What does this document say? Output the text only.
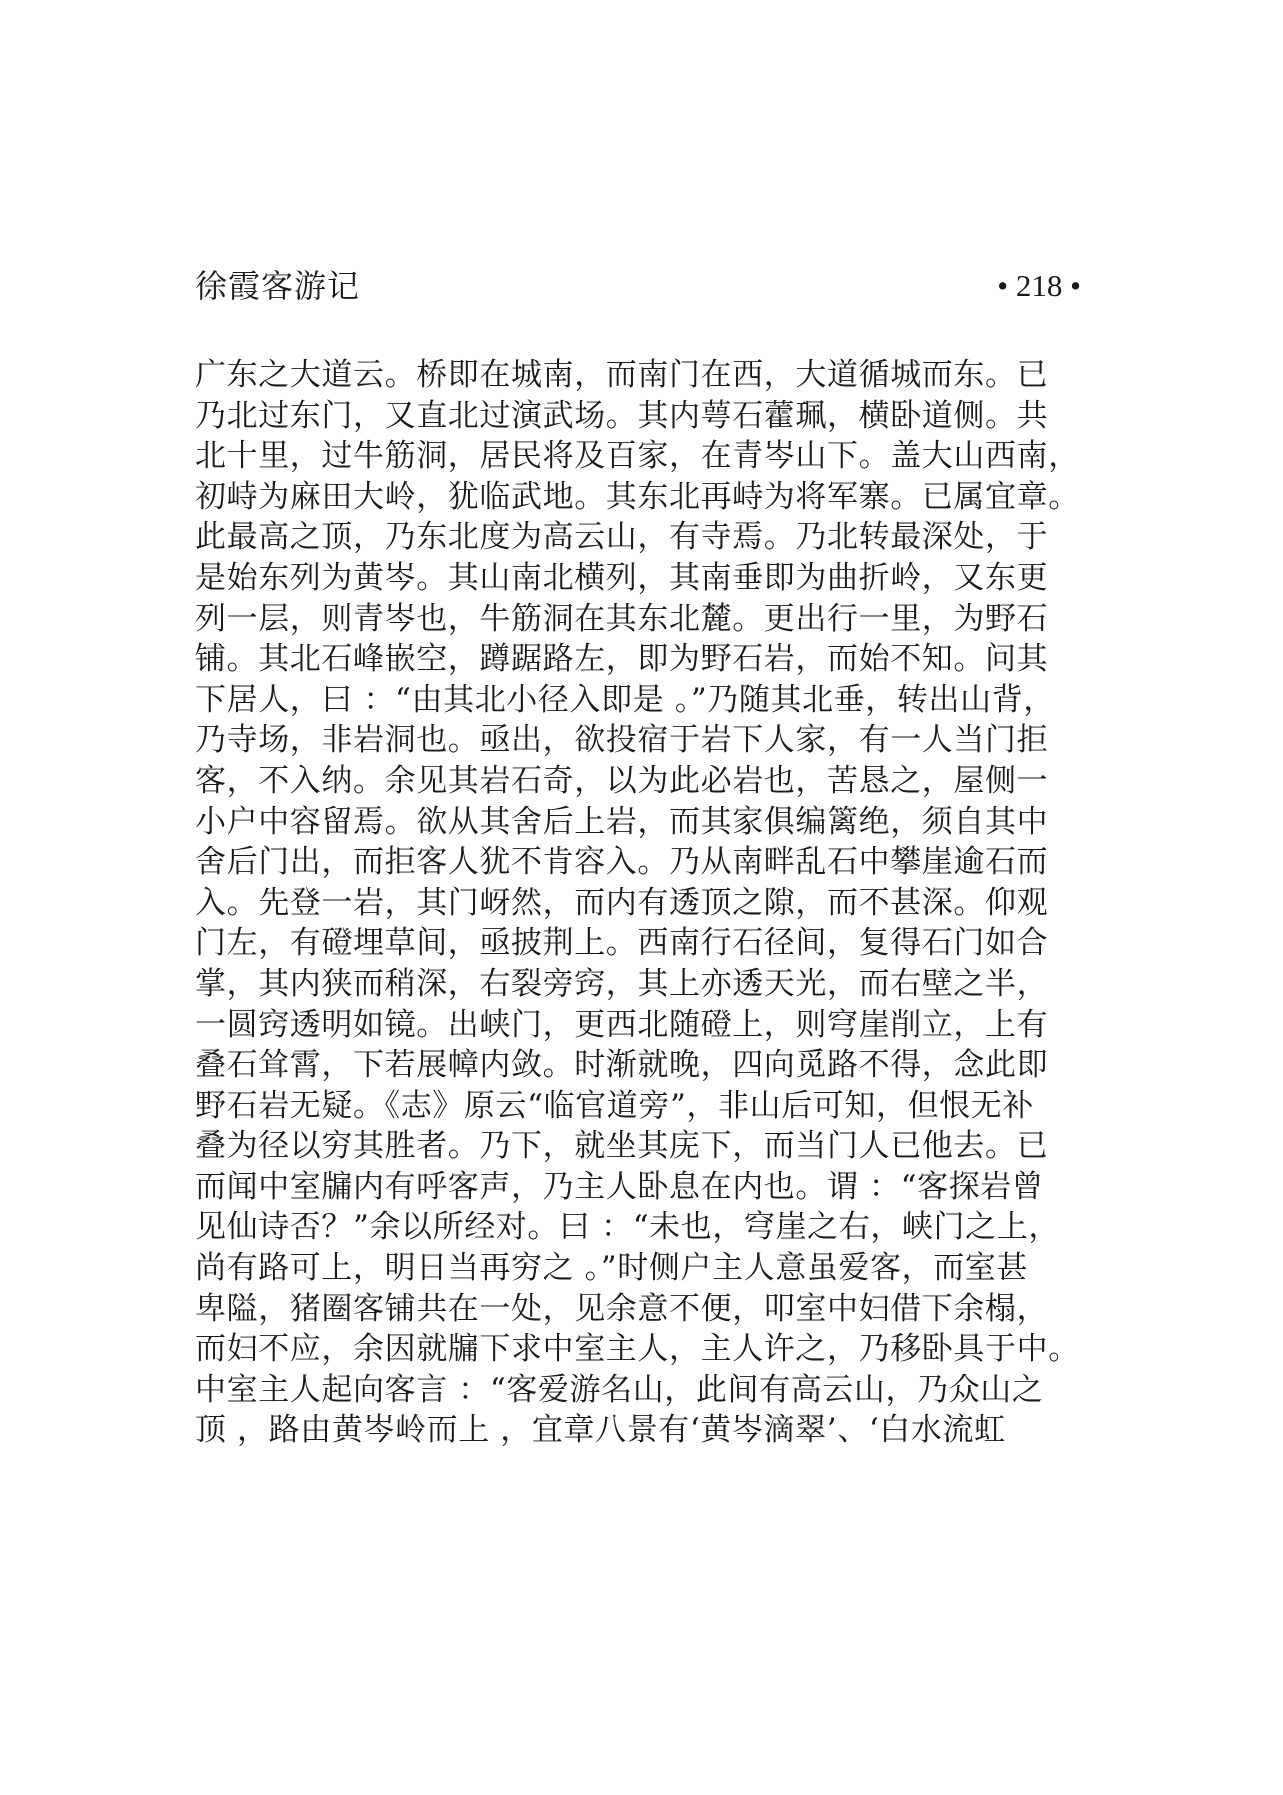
徐霞客游记	• 218 •
广东之大道云。桥即在城南，而南门在西，大道循城而东。已
乃北过东门，又直北过演武场。其内萼石藿珮，横卧道侧。共
北十里，过牛筋洞，居民将及百家，在青岑山下。盖大山西南，
初峙为麻田大岭，犹临武地。其东北再峙为将军寨。已属宜章。
此最高之顶，乃东北度为高云山，有寺焉。乃北转最深处，于
是始东列为黄岑。其山南北横列，其南垂即为曲折岭，又东更
列一层，则青岑也，牛筋洞在其东北麓。更出行一里，为野石
铺。其北石峰嵌空，蹲踞路左，即为野石岩，而始不知。问其
下居人，曰 ：“由其北小径入即是 。”乃随其北垂，转出山背，
乃寺场，非岩洞也。亟出，欲投宿于岩下人家，有一人当门拒
客，不入纳。余见其岩石奇，以为此必岩也，苦恳之，屋侧一
小户中容留焉。欲从其舍后上岩，而其家俱编篱绝，须自其中
舍后门出，而拒客人犹不肯容入。乃从南畔乱石中攀崖逾石而
入。先登一岩，其门岈然，而内有透顶之隙，而不甚深。仰观
门左，有磴埋草间，亟披荆上。西南行石径间，复得石门如合
掌，其内狭而稍深，右裂旁窍，其上亦透天光，而右壁之半，
一圆窍透明如镜。出峡门，更西北随磴上，则穹崖削立，上有
叠石耸霄，下若展幛内敛。时渐就晚，四向觅路不得，念此即
野石岩无疑。《志》原云“临官道旁”，非山后可知，但恨无补
叠为径以穷其胜者。乃下，就坐其庑下，而当门人已他去。已
而闻中室牖内有呼客声，乃主人卧息在内也。谓 ：“客探岩曾
见仙诗否？”余以所经对。曰 ：“未也，穹崖之右，峡门之上，
尚有路可上，明日当再穷之 。”时侧户主人意虽爱客，而室甚
卑隘，猪圈客铺共在一处，见余意不便，叩室中妇借下余榻，
而妇不应，余因就牖下求中室主人，主人许之，乃移卧具于中。
中室主人起向客言 ：“客爱游名山，此间有高云山，乃众山之
顶 ，路由黄岑岭而上 ，宜章八景有‘黄岑滴翠’、‘白水流虹
